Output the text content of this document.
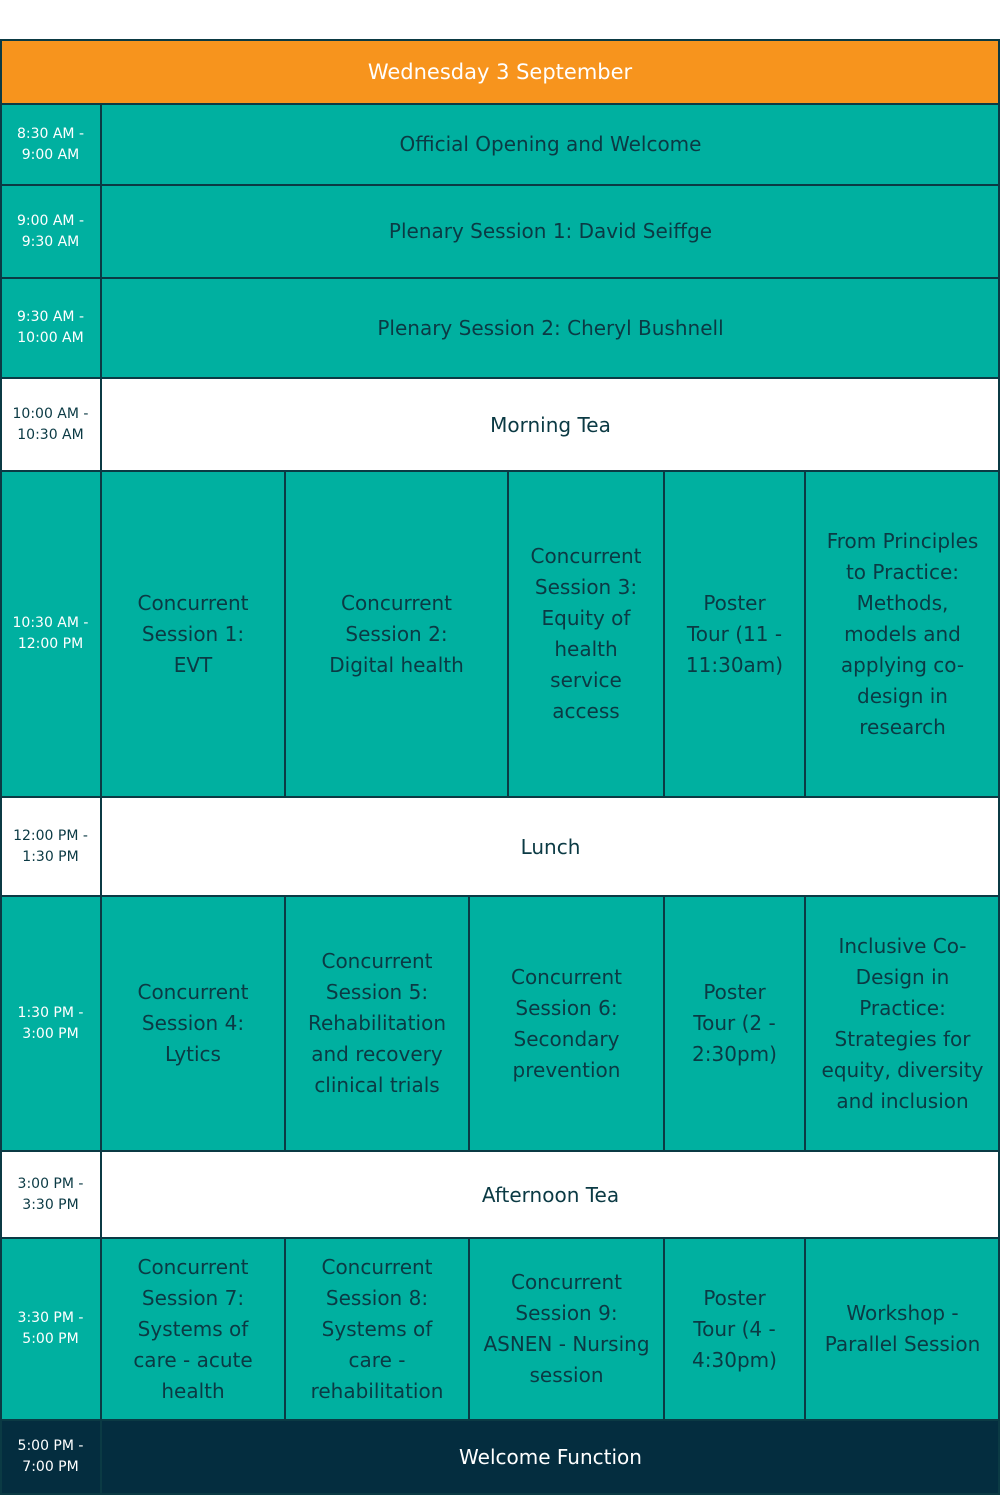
Wednesday 3 September
8:30 AM - 9:00 AM	Official Opening and Welcome
9:00 AM - 9:30 AM	Plenary Session 1: David Seiffge
9:30 AM - 10:00 AM	Plenary Session 2: Cheryl Bushnell
10:00 AM - 10:30 AM	Morning Tea
10:30 AM - 12:00 PM
Concurrent Session 1: EVT
Concurrent Session 2: Digital health
Concurrent Session 3: Equity of health service access
Poster Tour (11 - 11:30am)
From Principles to Practice: Methods, models and applying co-design in research
12:00 PM - 1:30 PM	Lunch
1:30 PM - 3:00 PM
Concurrent Session 4: Lytics
Concurrent Session 5: Rehabilitation and recovery clinical trials
Concurrent Session 6: Secondary prevention
Poster Tour (2 - 2:30pm)
Inclusive Co-Design in Practice: Strategies for equity, diversity and inclusion
3:00 PM - 3:30 PM	Afternoon Tea
3:30 PM - 5:00 PM
Concurrent Session 7: Systems of care - acute health
Concurrent Session 8: Systems of care - rehabilitation
Concurrent Session 9: ASNEN - Nursing session
Poster Tour (4 - 4:30pm)
Workshop - Parallel Session
5:00 PM - 7:00 PM	Welcome Function
